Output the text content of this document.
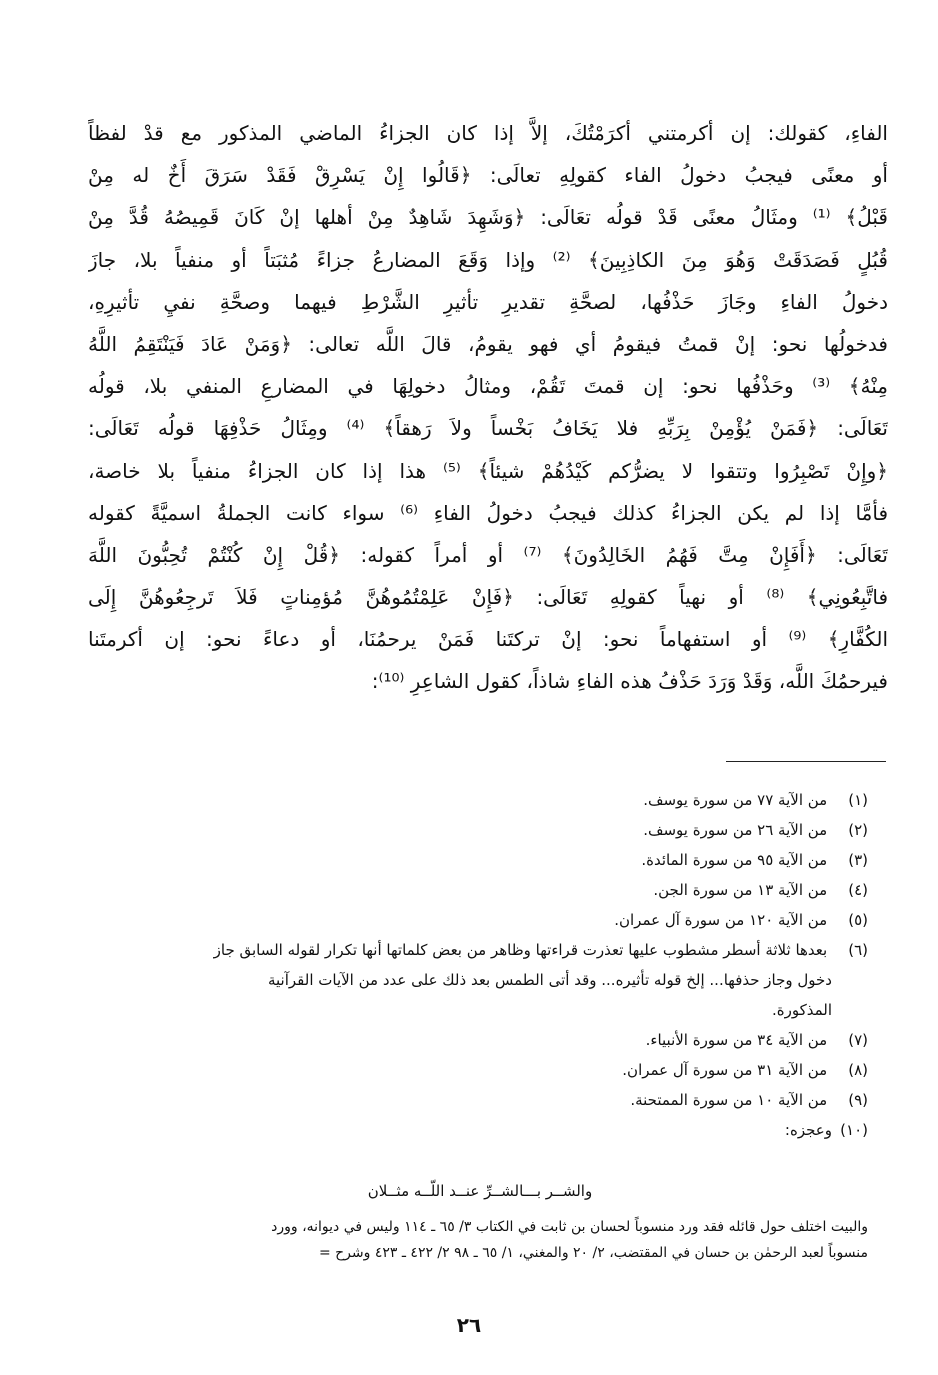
الفاءِ، كقولك: إن أكرمتني أكرَمْتُكَ، إلاَّ إذا كان الجزاءُ الماضي المذكور مع قدْ لفظاً
أو معنًى فيجبُ دخولُ الفاء كقولِهِ تعالَى: ﴿قَالُوا إِنْ يَسْرِقْ فَقَدْ سَرَقَ أَخٌ له مِنْ
قَبْلُ﴾ ⁽¹⁾ ومثَالُ معنًى قَدْ قولُه تعَالَى: ﴿وَشَهِدَ شَاهِدٌ مِنْ أهلها إنْ كَانَ قَمِيصُهُ قُدَّ مِنْ
قُبُلٍ فَصَدَقَتْ وَهُوَ مِنَ الكاذِبِينَ﴾ ⁽²⁾ وإذا وَقَعَ المضارعُ جزاءً مُثبَتاً أو منفياً بلا، جازَ
دخولُ الفاءِ وجَازَ حَذْفُها، لصحَّةِ تقديرِ تأثيرِ الشَّرْطِ فيهما وصحَّةِ نفيِ تأثيرِهِ،
فدخولُها نحو: إنْ قمتُ فيقومُ أي فهو يقومُ، قالَ اللَّه تعالى: ﴿وَمَنْ عَادَ فَيَنْتَقِمُ اللَّهُ
مِنْهُ﴾ ⁽³⁾ وحَذْفُها نحو: إن قمتَ تَقُمْ، ومثالُ دخولِهَا في المضارعِ المنفي بلا، قولُه
تَعَالَى: ﴿فَمَنْ يُؤْمِنْ بِرَبِّهِ فلا يَخَافُ بَخْساً ولاَ رَهقاً﴾ ⁽⁴⁾ ومِثَالُ حَذْفِهَا قولُه تَعَالَى:
﴿وإِنْ تَصْبِرُوا وتتقوا لا يضرُّكم كَيْدُهُمْ شيئاً﴾ ⁽⁵⁾ هذا إذا كان الجزاءُ منفياً بلا خاصة،
فأمَّا إذا لم يكن الجزاءُ كذلك فيجبُ دخولُ الفاءِ ⁽⁶⁾ سواء كانت الجملةُ اسميَّةً كقوله
تَعَالَى: ﴿أَفَإِنْ مِتَّ فَهُمُ الخَالِدُونَ﴾ ⁽⁷⁾ أو أمراً كقوله: ﴿قُلْ إِنْ كُنْتُمْ تُحِبُّونَ اللَّهَ
فاتَّبِعُونِي﴾ ⁽⁸⁾ أو نهياً كقولِهِ تَعَالَى: ﴿فَإِنْ عَلِمْتُمُوهُنَّ مُؤمِناتٍ فَلاَ تَرجِعُوهُنَّ إِلَى
الكُفَّارِ﴾ ⁽⁹⁾ أو استفهاماً نحو: إنْ تركتَنا فَمَنْ يرحمُنَا، أو دعاءً نحو: إن أكرمتَنا
فيرحمُكَ اللَّه، وَقَدْ وَرَدَ حَذْفُ هذه الفاءِ شاذاً، كقول الشاعِرِ ⁽¹⁰⁾:
(١) من الآية ٧٧ من سورة يوسف.
(٢) من الآية ٢٦ من سورة يوسف.
(٣) من الآية ٩٥ من سورة المائدة.
(٤) من الآية ١٣ من سورة الجن.
(٥) من الآية ١٢٠ من سورة آل عمران.
(٦) بعدها ثلاثة أسطر مشطوب عليها تعذرت قراءتها وظاهر من بعض كلماتها أنها تكرار لقوله السابق جاز
دخول وجاز حذفها... إلخ قوله تأثيره... وقد أتى الطمس بعد ذلك على عدد من الآيات القرآنية
المذكورة.
(٧) من الآية ٣٤ من سورة الأنبياء.
(٨) من الآية ٣١ من سورة آل عمران.
(٩) من الآية ١٠ من سورة الممتحنة.
(١٠)وعجزه:
والشــر بـــالشــرِّ عنــد اللّــه مثــلان
والبيت اختلف حول قائله فقد ورد منسوباً لحسان بن ثابت في الكتاب ٣/ ٦٥ ـ ١١٤ وليس في ديوانه، وورد
منسوباً لعبد الرحمٰن بن حسان في المقتضب، ٢/ ٢٠ والمغني، ١/ ٦٥ ـ ٩٨ ٢/ ٤٢٢ ـ ٤٢٣ وشرح =
٢٦
